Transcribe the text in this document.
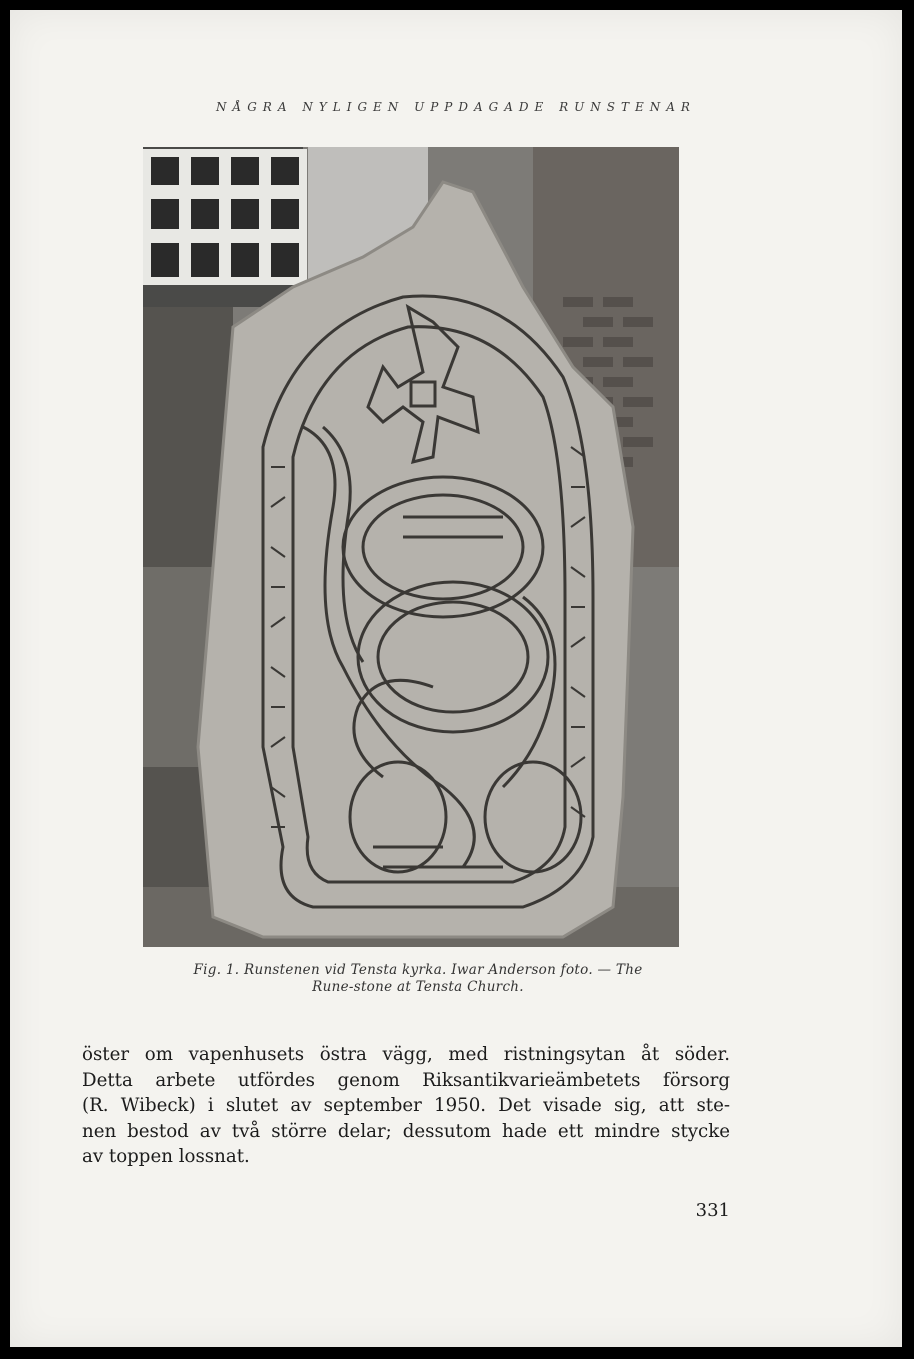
NÅGRA NYLIGEN UPPDAGADE RUNSTENAR
Fig. 1. Runstenen vid Tensta kyrka. Iwar Anderson foto. — The
Rune-stone at Tensta Church.
öster om vapenhusets östra vägg, med ristningsytan åt söder.
Detta arbete utfördes genom Riksantikvarieämbetets försorg
(R. Wibeck) i slutet av september 1950. Det visade sig, att ste-
nen bestod av två större delar; dessutom hade ett mindre stycke
av toppen lossnat.
331
